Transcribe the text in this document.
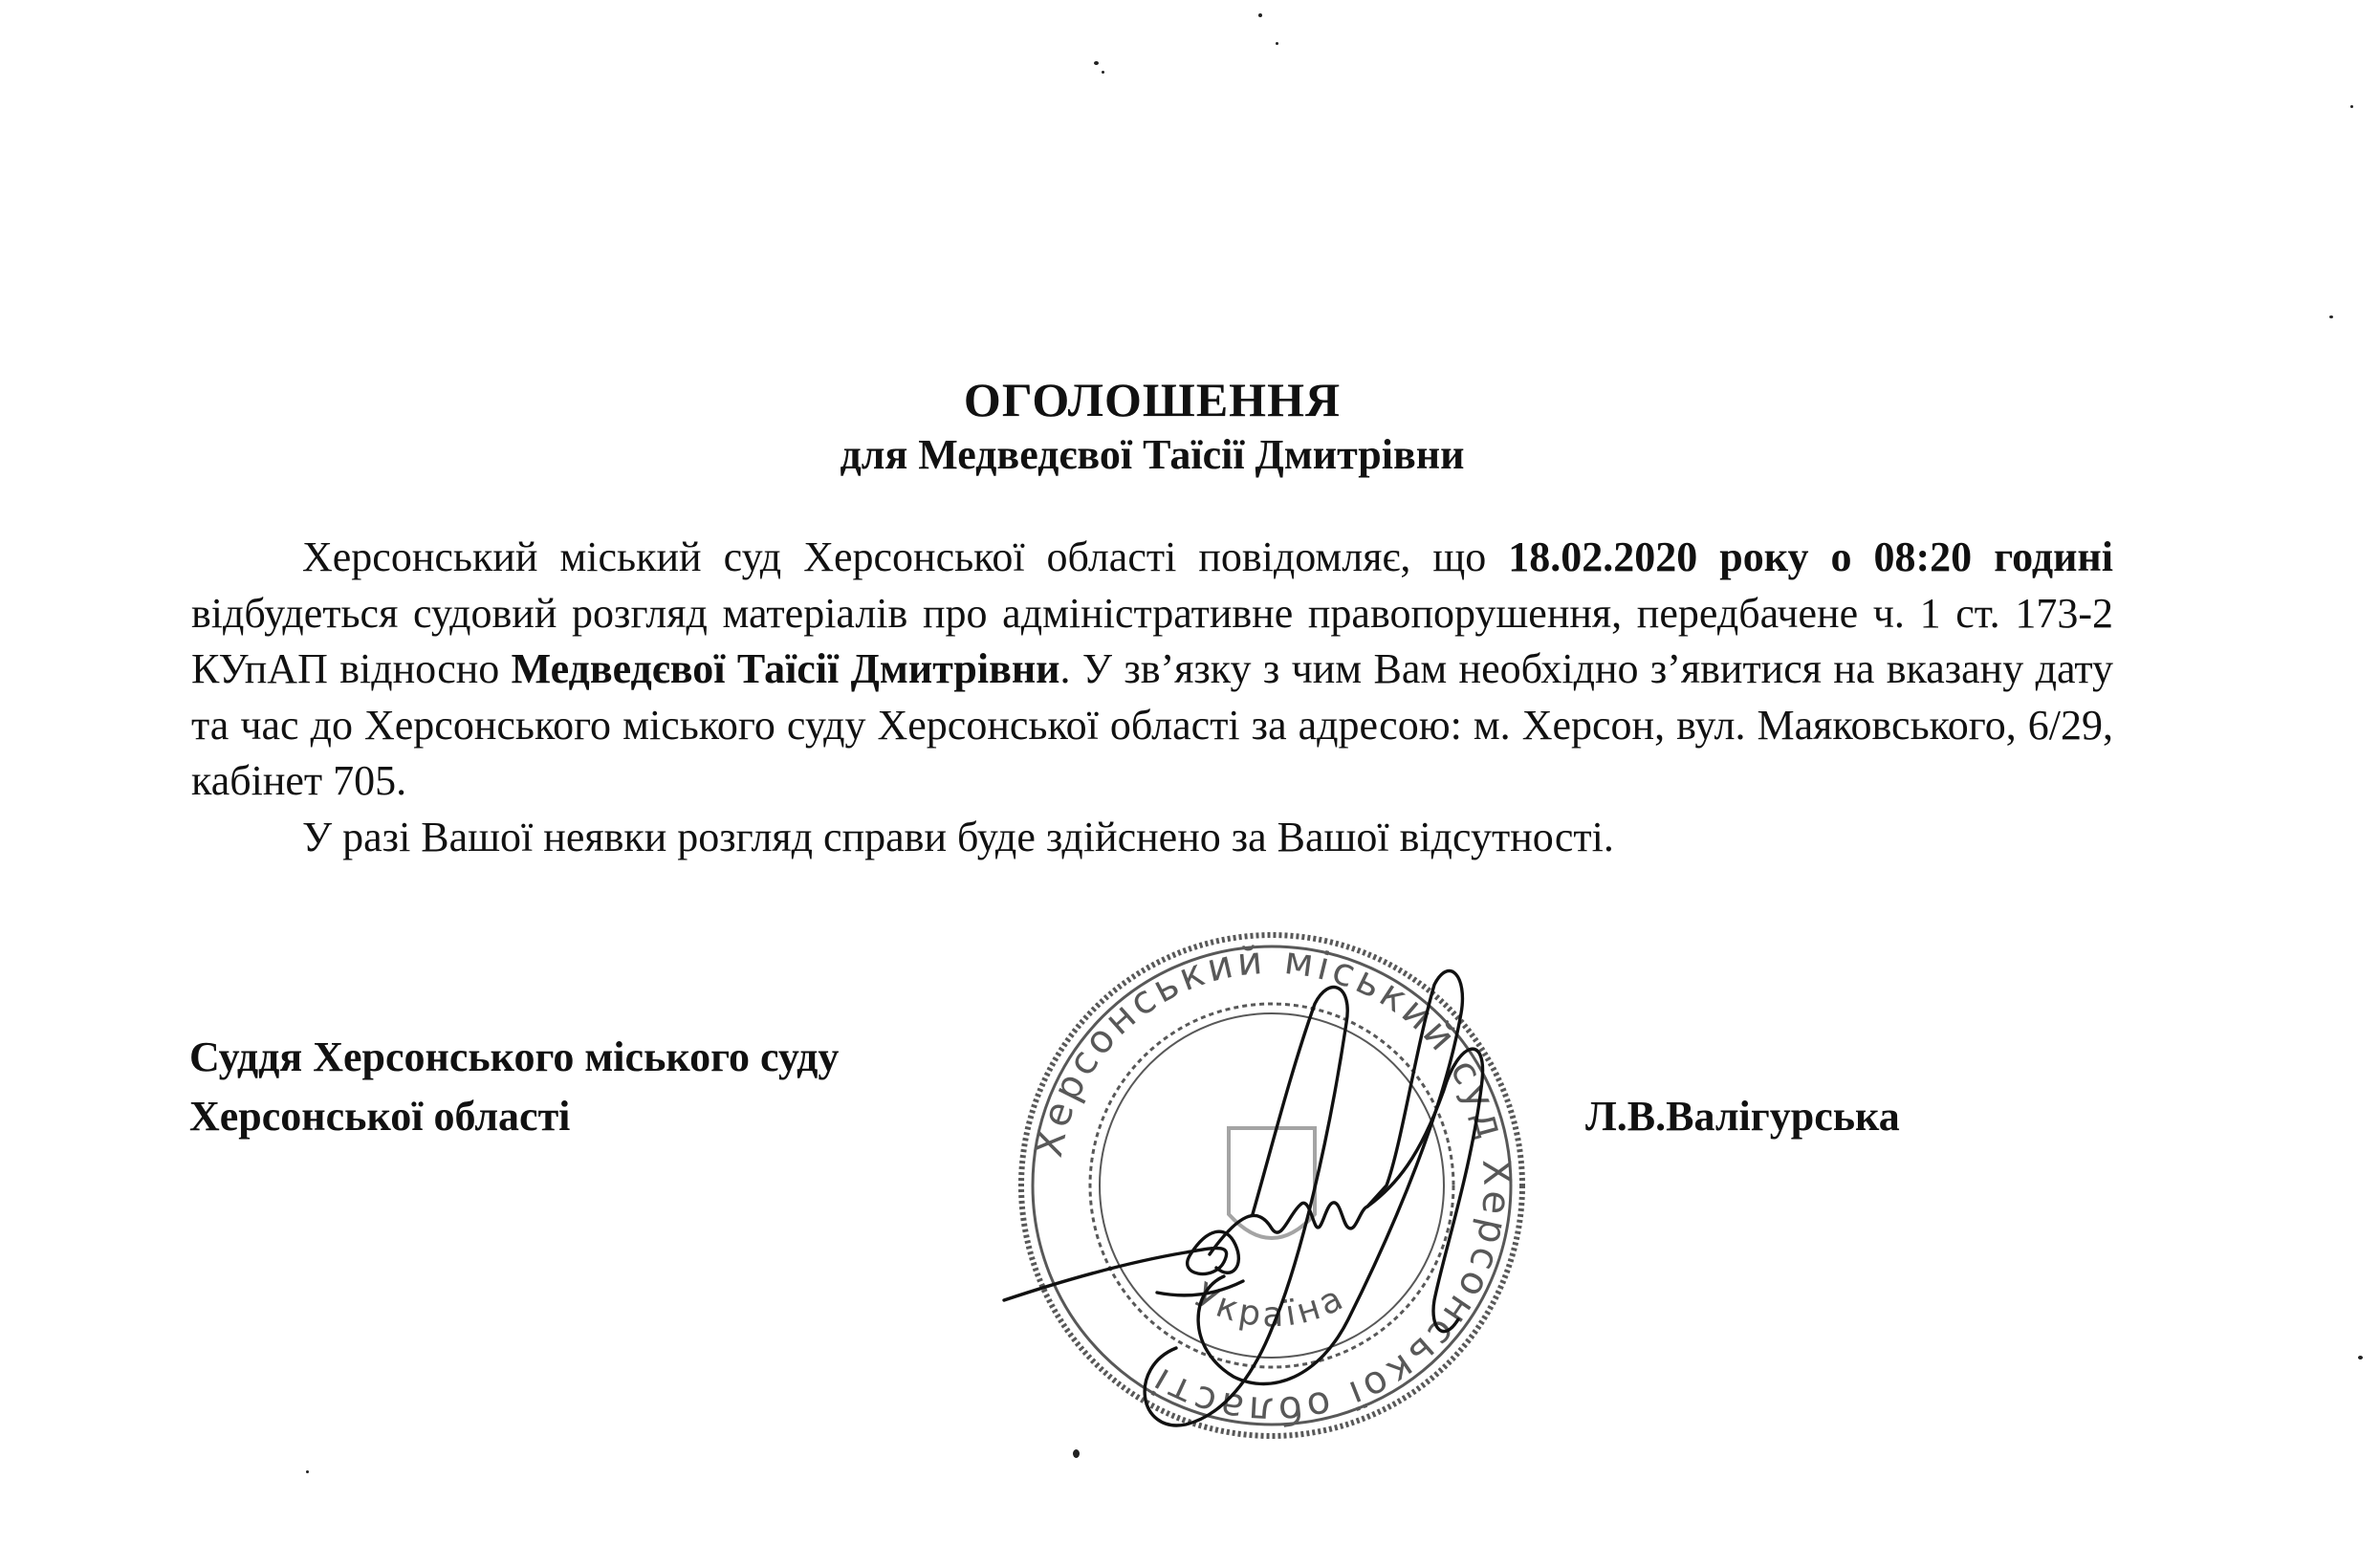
ОГОЛОШЕННЯ
для Медведєвої Таїсії Дмитрівни

Херсонський міський суд Херсонської області повідомляє, що 18.02.2020 року о 08:20 годині відбудеться судовий розгляд матеріалів про адміністративне правопорушення, передбачене ч. 1 ст. 173-2 КУпАП відносно Медведєвої Таїсії Дмитрівни. У зв’язку з чим Вам необхідно з’явитися на вказану дату та час до Херсонського міського суду Херсонської області за адресою: м. Херсон, вул. Маяковського, 6/29, кабінет 705.

У разі Вашої неявки розгляд справи буде здійснено за Вашої відсутності.

Суддя Херсонського міського суду
Херсонської області	Л.В.Валігурська
Херсонський міський суд Херсонської області
Україна
